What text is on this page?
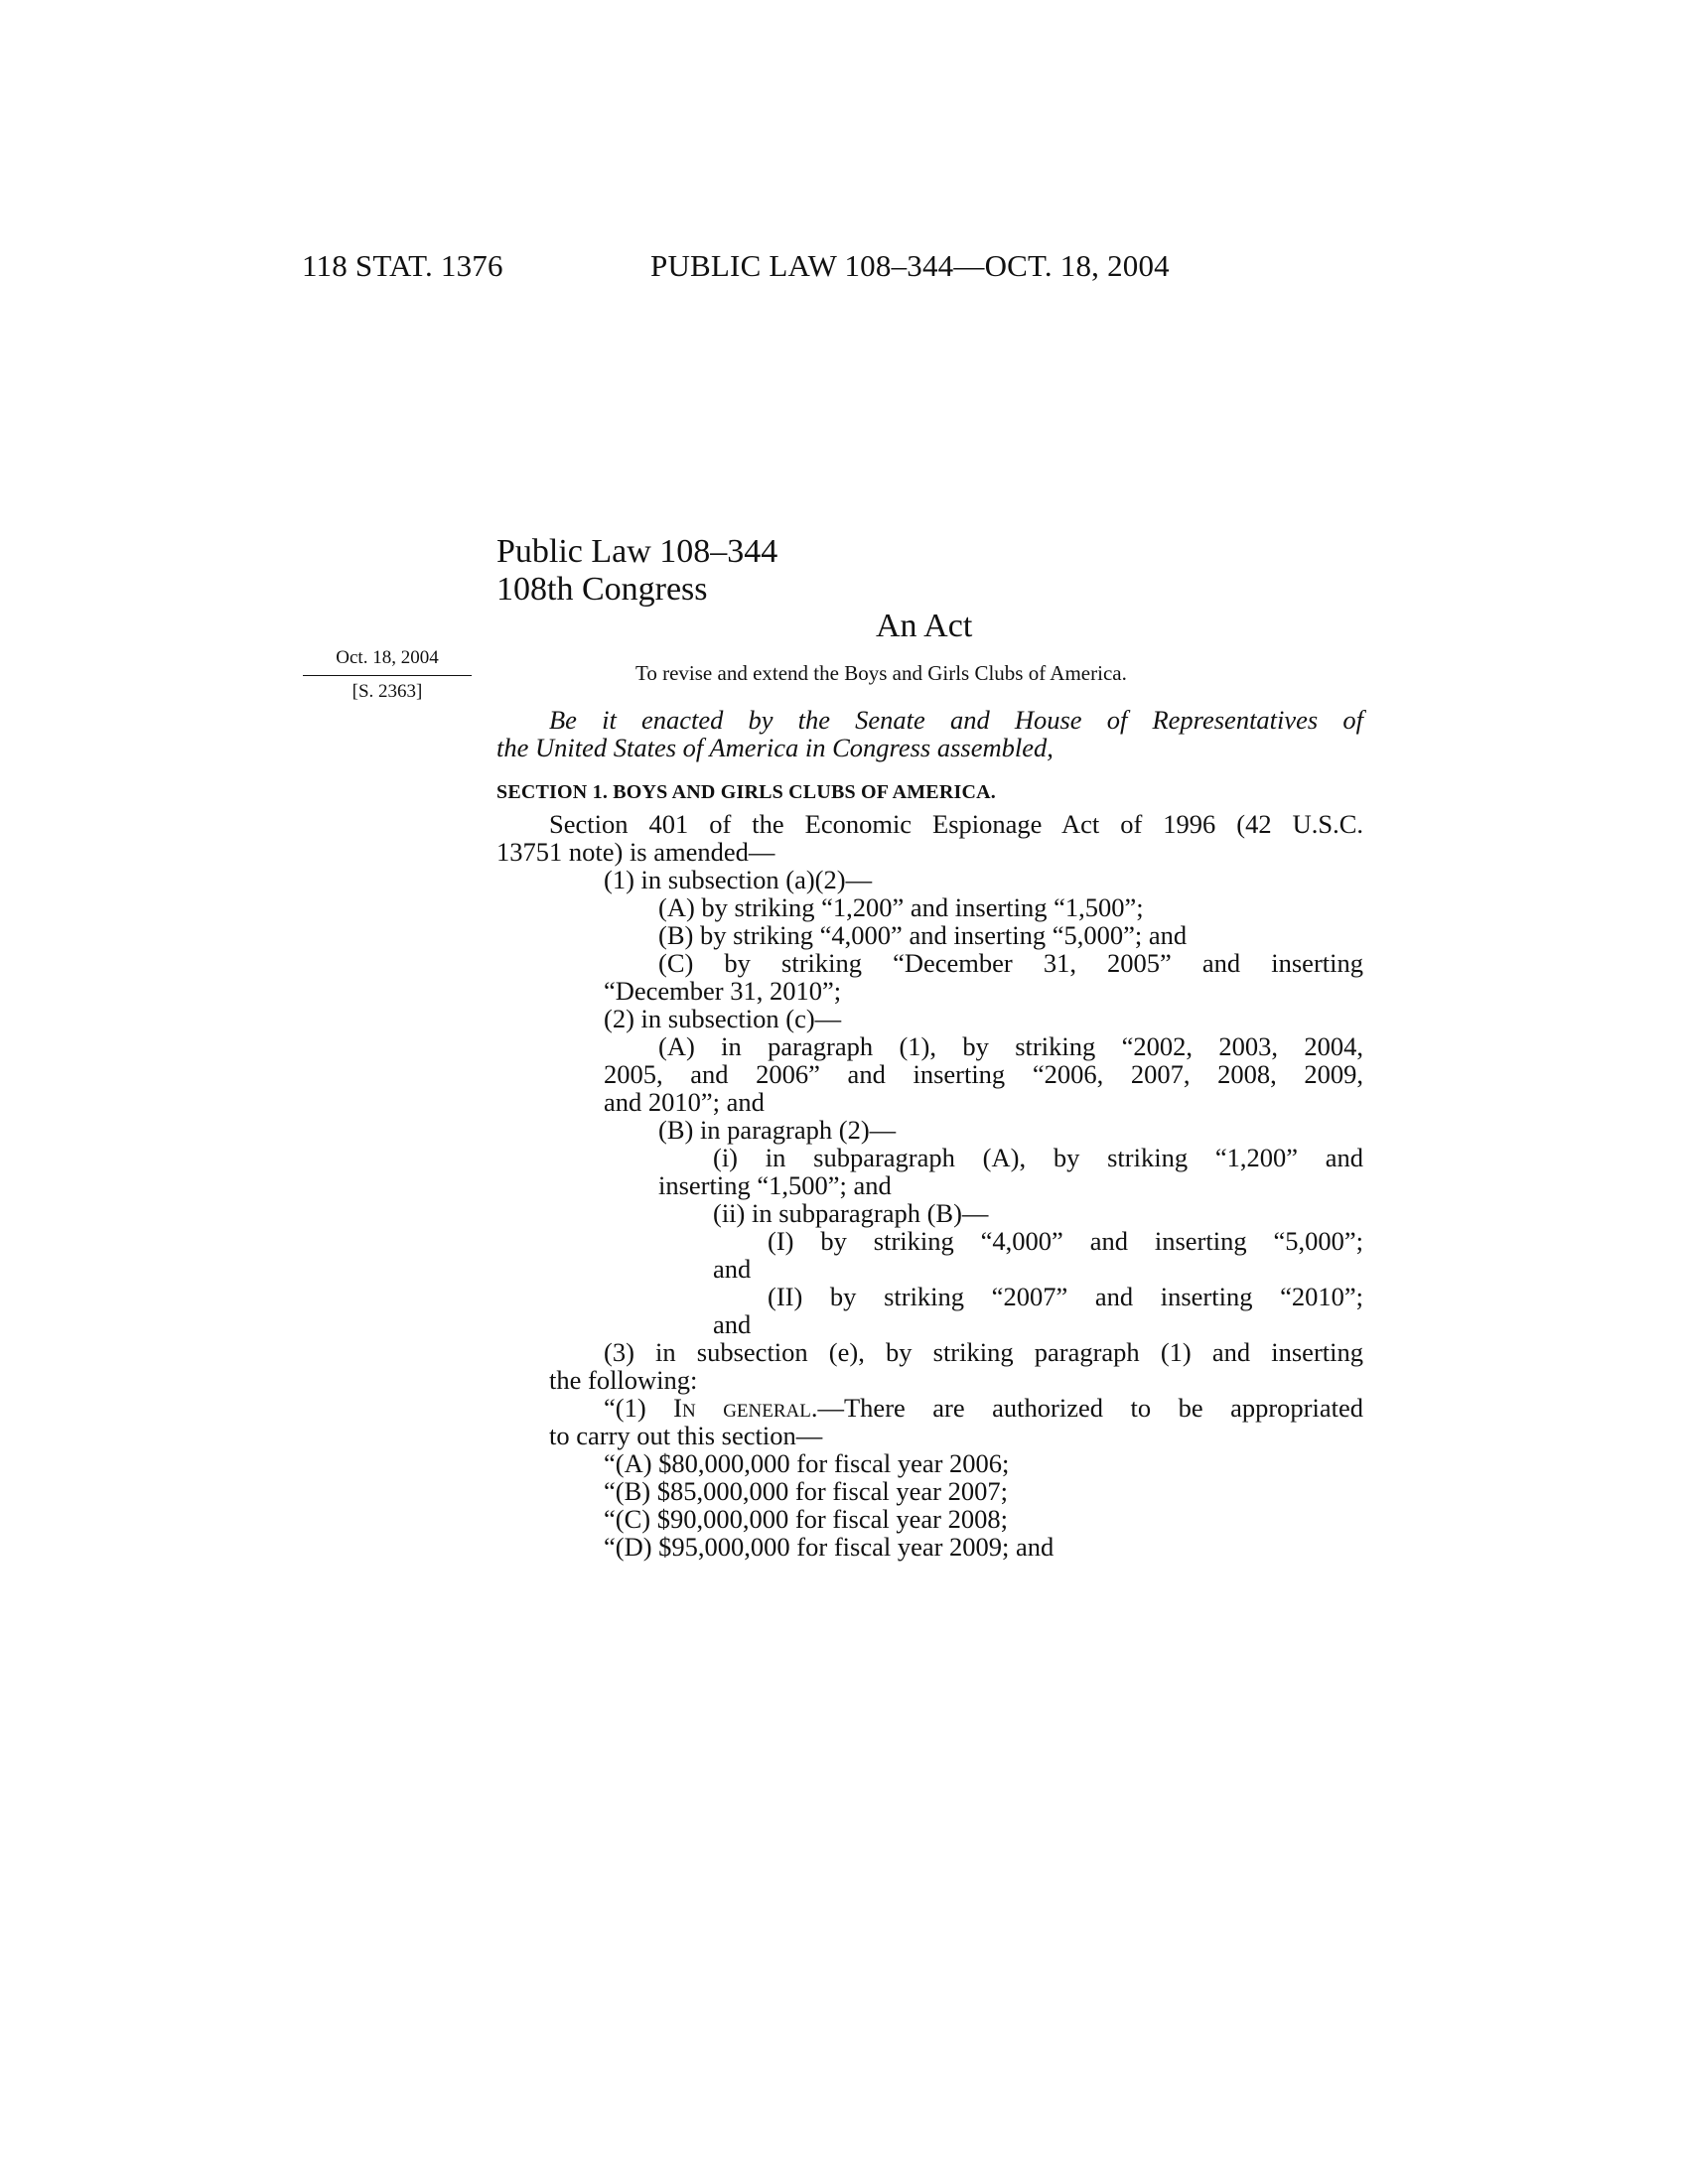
118 STAT. 1376	PUBLIC LAW 108–344—OCT. 18, 2004
Public Law 108–344
108th Congress
An Act
Oct. 18, 2004
[S. 2363]
To revise and extend the Boys and Girls Clubs of America.
Be it enacted by the Senate and House of Representatives of
the United States of America in Congress assembled,
SECTION 1. BOYS AND GIRLS CLUBS OF AMERICA.
Section 401 of the Economic Espionage Act of 1996 (42 U.S.C.
13751 note) is amended—
(1) in subsection (a)(2)—
(A) by striking “1,200” and inserting “1,500”;
(B) by striking “4,000” and inserting “5,000”; and
(C) by striking “December 31, 2005” and inserting
“December 31, 2010”;
(2) in subsection (c)—
(A) in paragraph (1), by striking “2002, 2003, 2004,
2005, and 2006” and inserting “2006, 2007, 2008, 2009,
and 2010”; and
(B) in paragraph (2)—
(i) in subparagraph (A), by striking “1,200” and
inserting “1,500”; and
(ii) in subparagraph (B)—
(I) by striking “4,000” and inserting “5,000”;
and
(II) by striking “2007” and inserting “2010”;
and
(3) in subsection (e), by striking paragraph (1) and inserting
the following:
“(1) In general.—There are authorized to be appropriated
to carry out this section—
“(A) $80,000,000 for fiscal year 2006;
“(B) $85,000,000 for fiscal year 2007;
“(C) $90,000,000 for fiscal year 2008;
“(D) $95,000,000 for fiscal year 2009; and
